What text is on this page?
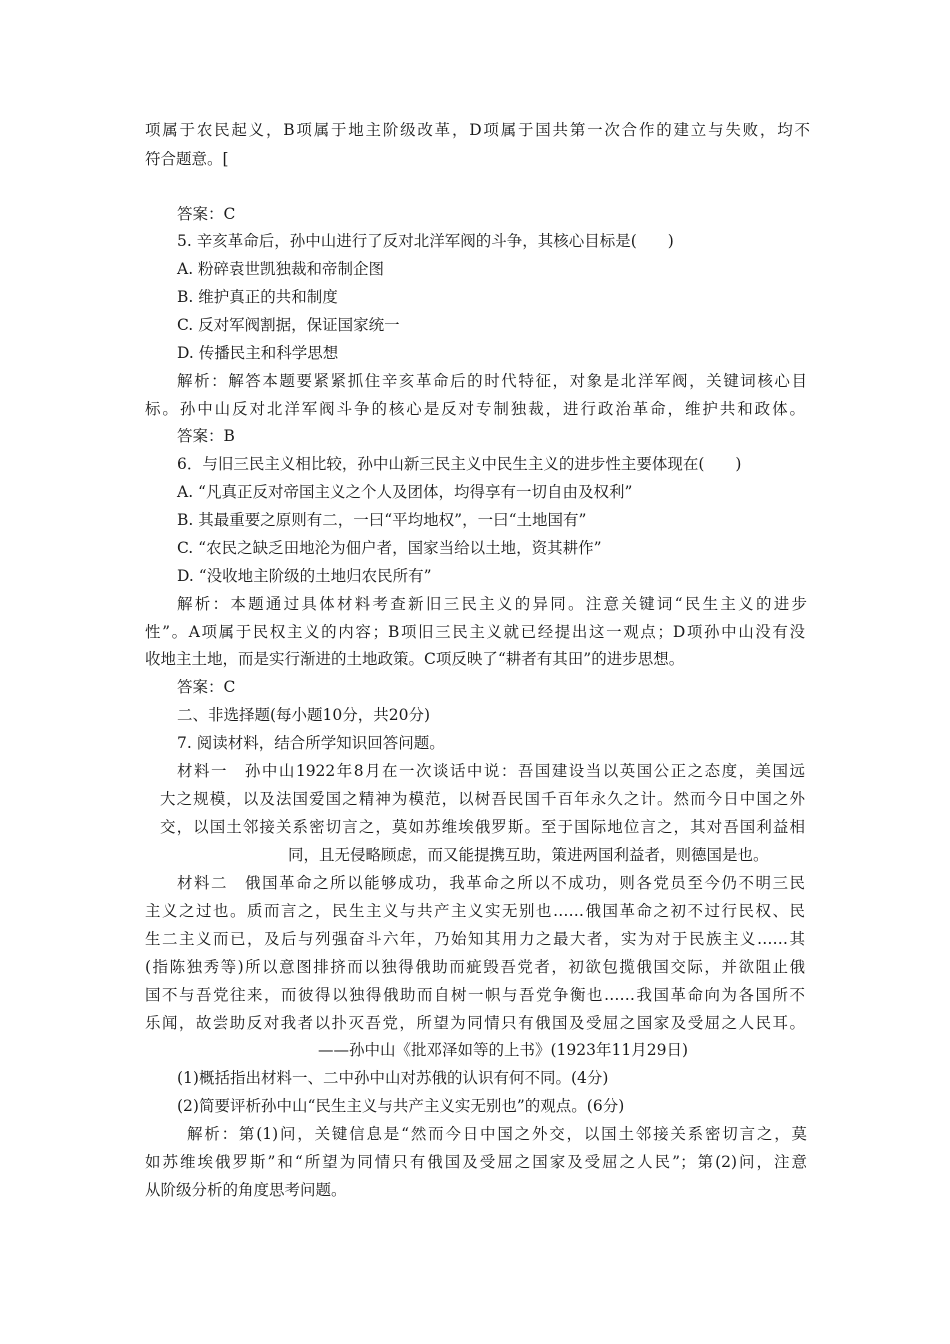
项属于农民起义，B项属于地主阶级改革，D项属于国共第一次合作的建立与失败，均不
符合题意。[
答案：C
5. 辛亥革命后，孙中山进行了反对北洋军阀的斗争，其核心目标是(　　)
A. 粉碎袁世凯独裁和帝制企图
B. 维护真正的共和制度
C. 反对军阀割据，保证国家统一
D. 传播民主和科学思想
解析：解答本题要紧紧抓住辛亥革命后的时代特征，对象是北洋军阀，关键词核心目
标。孙中山反对北洋军阀斗争的核心是反对专制独裁，进行政治革命，维护共和政体。
答案：B
6．与旧三民主义相比较，孙中山新三民主义中民生主义的进步性主要体现在(　　)
A. “凡真正反对帝国主义之个人及团体，均得享有一切自由及权利”
B. 其最重要之原则有二，一曰“平均地权”，一曰“土地国有”
C. “农民之缺乏田地沦为佃户者，国家当给以土地，资其耕作”
D. “没收地主阶级的土地归农民所有”
解析：本题通过具体材料考查新旧三民主义的异同。注意关键词“民生主义的进步
性”。A项属于民权主义的内容；B项旧三民主义就已经提出这一观点；D项孙中山没有没
收地主土地，而是实行渐进的土地政策。C项反映了“耕者有其田”的进步思想。
答案：C
二、非选择题(每小题10分，共20分)
7. 阅读材料，结合所学知识回答问题。
材料一　孙中山1922年8月在一次谈话中说：吾国建设当以英国公正之态度，美国远
大之规模，以及法国爱国之精神为模范，以树吾民国千百年永久之计。然而今日中国之外
交，以国土邻接关系密切言之，莫如苏维埃俄罗斯。至于国际地位言之，其对吾国利益相
同，且无侵略顾虑，而又能提携互助，策进两国利益者，则德国是也。
材料二　俄国革命之所以能够成功，我革命之所以不成功，则各党员至今仍不明三民
主义之过也。质而言之，民生主义与共产主义实无别也……俄国革命之初不过行民权、民
生二主义而已，及后与列强奋斗六年，乃始知其用力之最大者，实为对于民族主义……其
(指陈独秀等)所以意图排挤而以独得俄助而疵毁吾党者，初欲包揽俄国交际，并欲阻止俄
国不与吾党往来，而彼得以独得俄助而自树一帜与吾党争衡也……我国革命向为各国所不
乐闻，故尝助反对我者以扑灭吾党，所望为同情只有俄国及受屈之国家及受屈之人民耳。
——孙中山《批邓泽如等的上书》(1923年11月29日)
(1)概括指出材料一、二中孙中山对苏俄的认识有何不同。(4分)
(2)简要评析孙中山“民生主义与共产主义实无别也”的观点。(6分)
解析：第(1)问，关键信息是“然而今日中国之外交，以国土邻接关系密切言之，莫
如苏维埃俄罗斯”和“所望为同情只有俄国及受屈之国家及受屈之人民”；第(2)问，注意
从阶级分析的角度思考问题。
